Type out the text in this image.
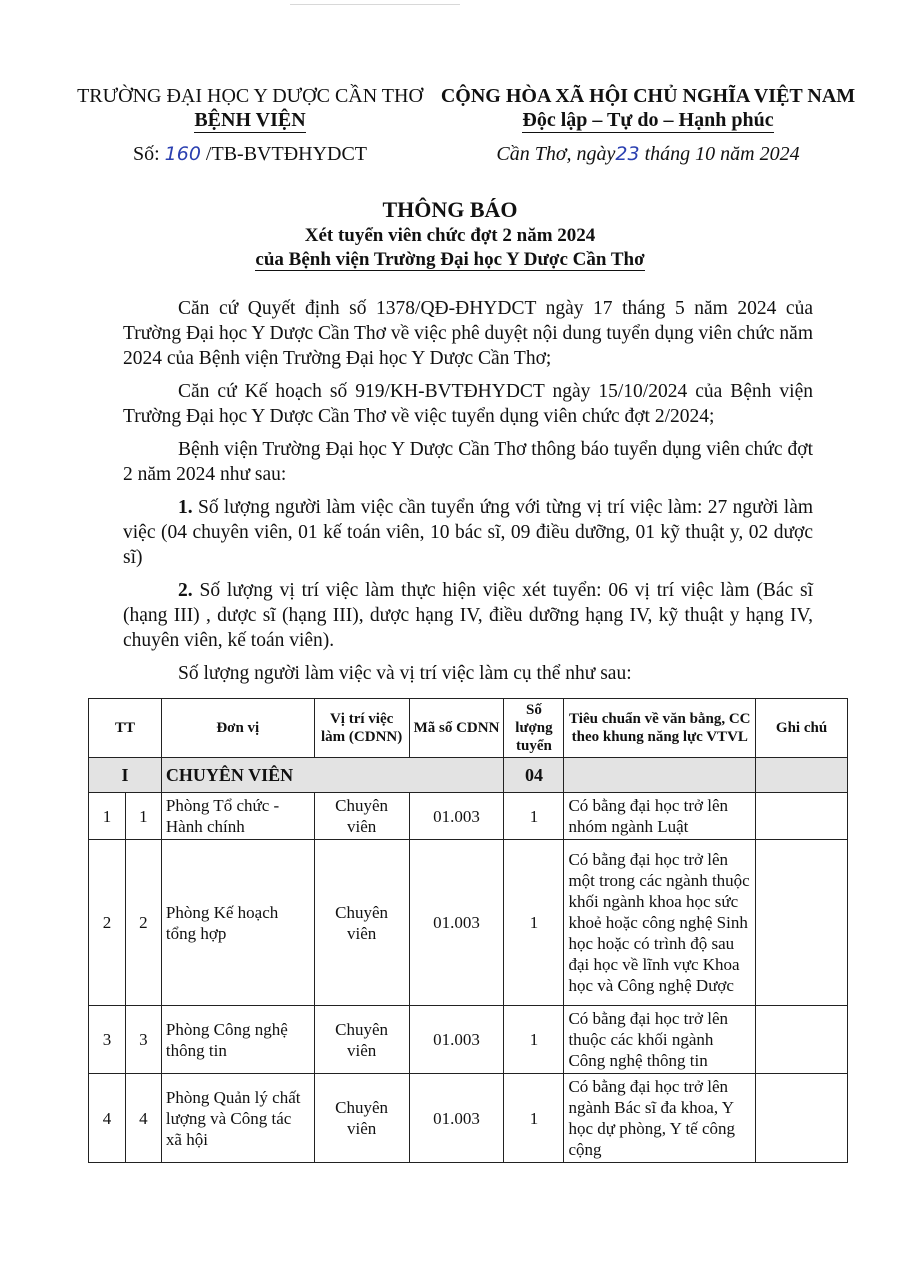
TRƯỜNG ĐẠI HỌC Y DƯỢC CẦN THƠ
BỆNH VIỆN
Số: 160 /TB-BVTĐHYDCT
CỘNG HÒA XÃ HỘI CHỦ NGHĨA VIỆT NAM
Độc lập – Tự do – Hạnh phúc
Cần Thơ, ngày23 tháng 10 năm 2024
THÔNG BÁO
Xét tuyển viên chức đợt 2 năm 2024
của Bệnh viện Trường Đại học Y Dược Cần Thơ

Căn cứ Quyết định số 1378/QĐ-ĐHYDCT ngày 17 tháng 5 năm 2024 của Trường Đại học Y Dược Cần Thơ về việc phê duyệt nội dung tuyển dụng viên chức năm 2024 của Bệnh viện Trường Đại học Y Dược Cần Thơ;

Căn cứ Kế hoạch số 919/KH-BVTĐHYDCT ngày 15/10/2024 của Bệnh viện Trường Đại học Y Dược Cần Thơ về việc tuyển dụng viên chức đợt 2/2024;

Bệnh viện Trường Đại học Y Dược Cần Thơ thông báo tuyển dụng viên chức đợt 2 năm 2024 như sau:

1. Số lượng người làm việc cần tuyển ứng với từng vị trí việc làm: 27 người làm việc (04 chuyên viên, 01 kế toán viên, 10 bác sĩ, 09 điều dưỡng, 01 kỹ thuật y, 02 dược sĩ)

2. Số lượng vị trí việc làm thực hiện việc xét tuyển: 06 vị trí việc làm (Bác sĩ (hạng III) , dược sĩ (hạng III), dược hạng IV, điều dưỡng hạng IV, kỹ thuật y hạng IV, chuyên viên, kế toán viên).

Số lượng người làm việc và vị trí việc làm cụ thể như sau:

TT		Đơn vị	Vị trí việc làm (CDNN)	Mã số CDNN	Số lượng tuyển	Tiêu chuẩn về văn bằng, CC theo khung năng lực VTVL	Ghi chú
I		CHUYÊN VIÊN			04		
1	1	Phòng Tổ chức - Hành chính	Chuyên viên	01.003	1	Có bằng đại học trở lên nhóm ngành Luật	
2	2	Phòng Kế hoạch tổng hợp	Chuyên viên	01.003	1	Có bằng đại học trở lên một trong các ngành thuộc khối ngành khoa học sức khoẻ hoặc công nghệ Sinh học hoặc có trình độ sau đại học về lĩnh vực Khoa học và Công nghệ Dược	
3	3	Phòng Công nghệ thông tin	Chuyên viên	01.003	1	Có bằng đại học trở lên thuộc các khối ngành Công nghệ thông tin	
4	4	Phòng Quản lý chất lượng và Công tác xã hội	Chuyên viên	01.003	1	Có bằng đại học trở lên ngành Bác sĩ đa khoa, Y học dự phòng, Y tế công cộng	
